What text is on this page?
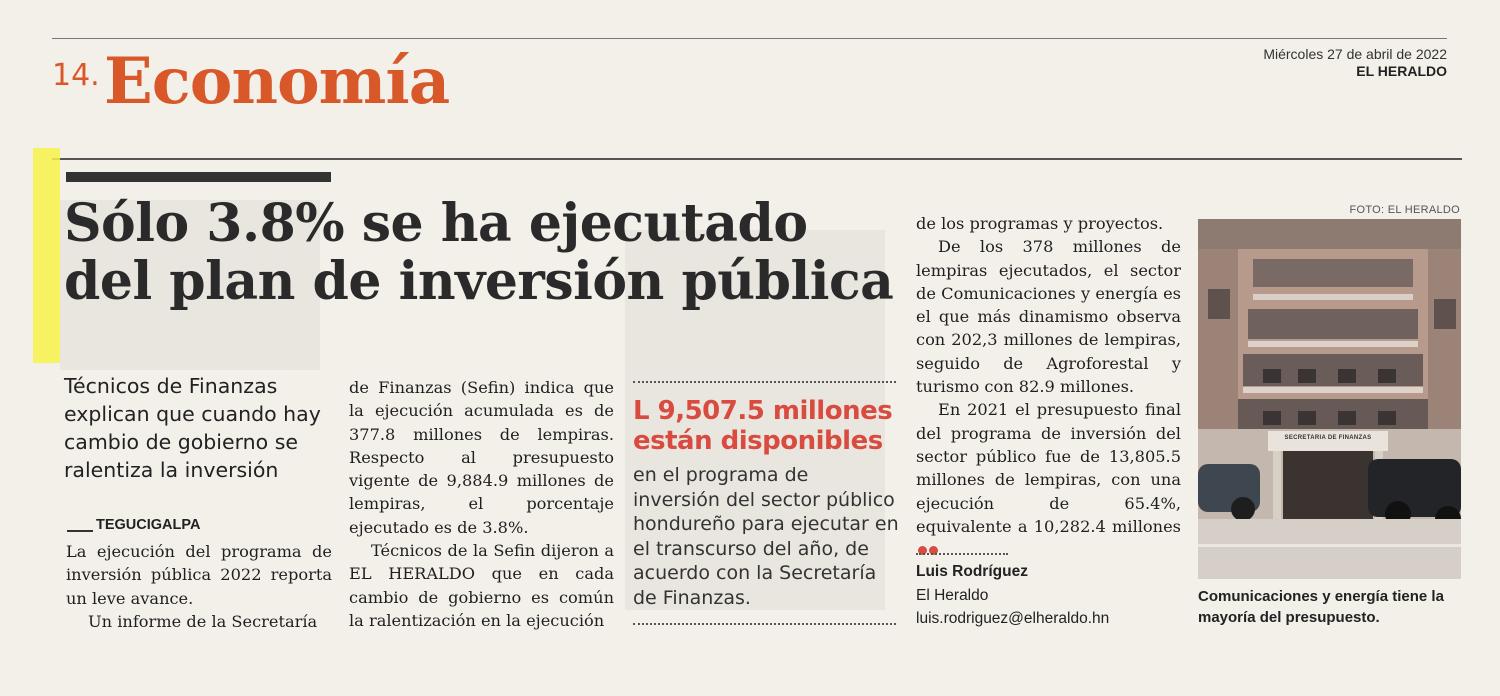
14. Economía	Miércoles 27 de abril de 2022
EL HERALDO
Sólo 3.8% se ha ejecutado
del plan de inversión pública
Técnicos de Finanzas explican que cuando hay cambio de gobierno se ralentiza la inversión
TEGUCIGALPA

La ejecución del programa de inversión pública 2022 reporta un leve avance.

Un informe de la Secretaría

de Finanzas (Sefin) indica que la ejecución acumulada es de 377.8 millones de lempiras. Respecto al presupuesto vigente de 9,884.9 millones de lempiras, el porcentaje ejecutado es de 3.8%.

Técnicos de la Sefin dijeron a EL HERALDO que en cada cambio de gobierno es común la ralentización en la ejecución

L 9,507.5 millones
están disponibles
en el programa de inversión del sector público hondureño para ejecutar en el transcurso del año, de acuerdo con la Secretaría de Finanzas.

de los programas y proyectos.

De los 378 millones de lempiras ejecutados, el sector de Comunicaciones y energía es el que más dinamismo observa con 202,3 millones de lempiras, seguido de Agroforestal y turismo con 82.9 millones.

En 2021 el presupuesto final del programa de inversión del sector público fue de 13,805.5 millones de lempiras, con una ejecución de 65.4%, equivalente a 10,282.4 millones

Luis Rodríguez
El Heraldo
luis.rodriguez@elheraldo.hn
FOTO: EL HERALDO
SECRETARIA DE FINANZAS
Comunicaciones y energía tiene la mayoría del presupuesto.
